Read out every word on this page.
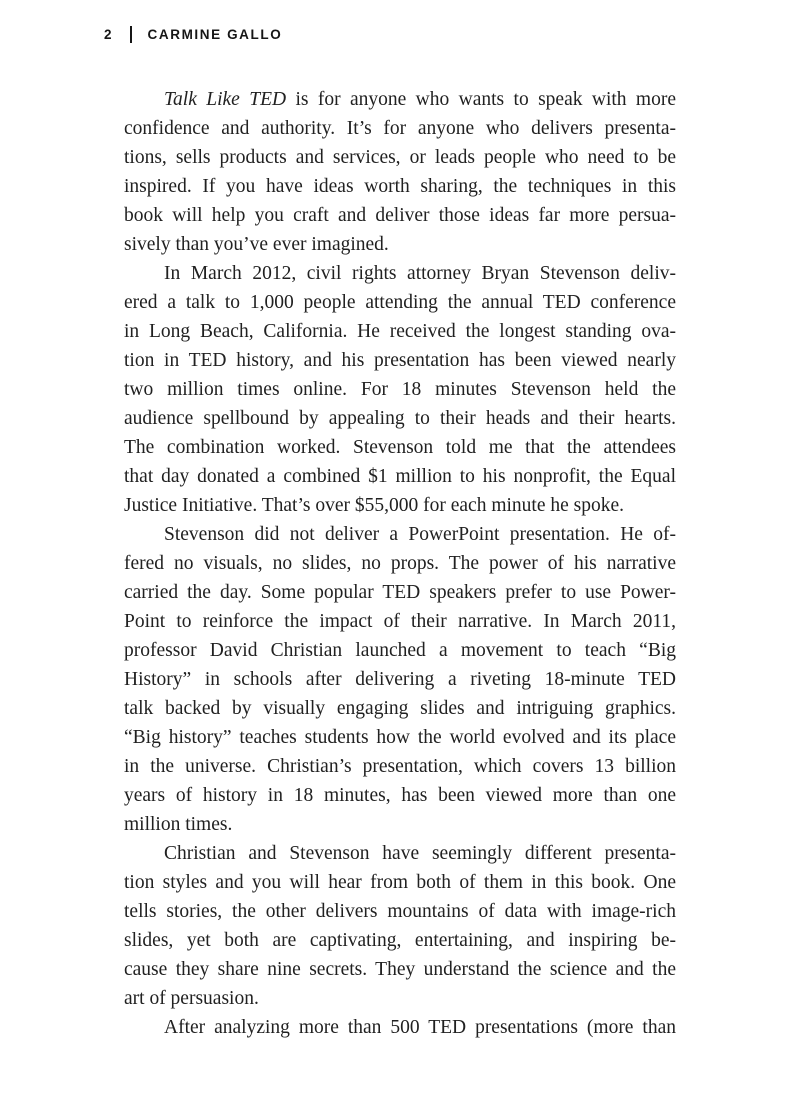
2	CARMINE GALLO
Talk Like TED is for anyone who wants to speak with more
confidence and authority. It’s for anyone who delivers presenta-
tions, sells products and services, or leads people who need to be
inspired. If you have ideas worth sharing, the techniques in this
book will help you craft and deliver those ideas far more persua-
sively than you’ve ever imagined.
In March 2012, civil rights attorney Bryan Stevenson deliv-
ered a talk to 1,000 people attending the annual TED conference
in Long Beach, California. He received the longest standing ova-
tion in TED history, and his presentation has been viewed nearly
two million times online. For 18 minutes Stevenson held the
audience spellbound by appealing to their heads and their hearts.
The combination worked. Stevenson told me that the attendees
that day donated a combined $1 million to his nonprofit, the Equal
Justice Initiative. That’s over $55,000 for each minute he spoke.
Stevenson did not deliver a PowerPoint presentation. He of-
fered no visuals, no slides, no props. The power of his narrative
carried the day. Some popular TED speakers prefer to use Power-
Point to reinforce the impact of their narrative. In March 2011,
professor David Christian launched a movement to teach “Big
History” in schools after delivering a riveting 18-minute TED
talk backed by visually engaging slides and intriguing graphics.
“Big history” teaches students how the world evolved and its place
in the universe. Christian’s presentation, which covers 13 billion
years of history in 18 minutes, has been viewed more than one
million times.
Christian and Stevenson have seemingly different presenta-
tion styles and you will hear from both of them in this book. One
tells stories, the other delivers mountains of data with image-rich
slides, yet both are captivating, entertaining, and inspiring be-
cause they share nine secrets. They understand the science and the
art of persuasion.
After analyzing more than 500 TED presentations (more than
